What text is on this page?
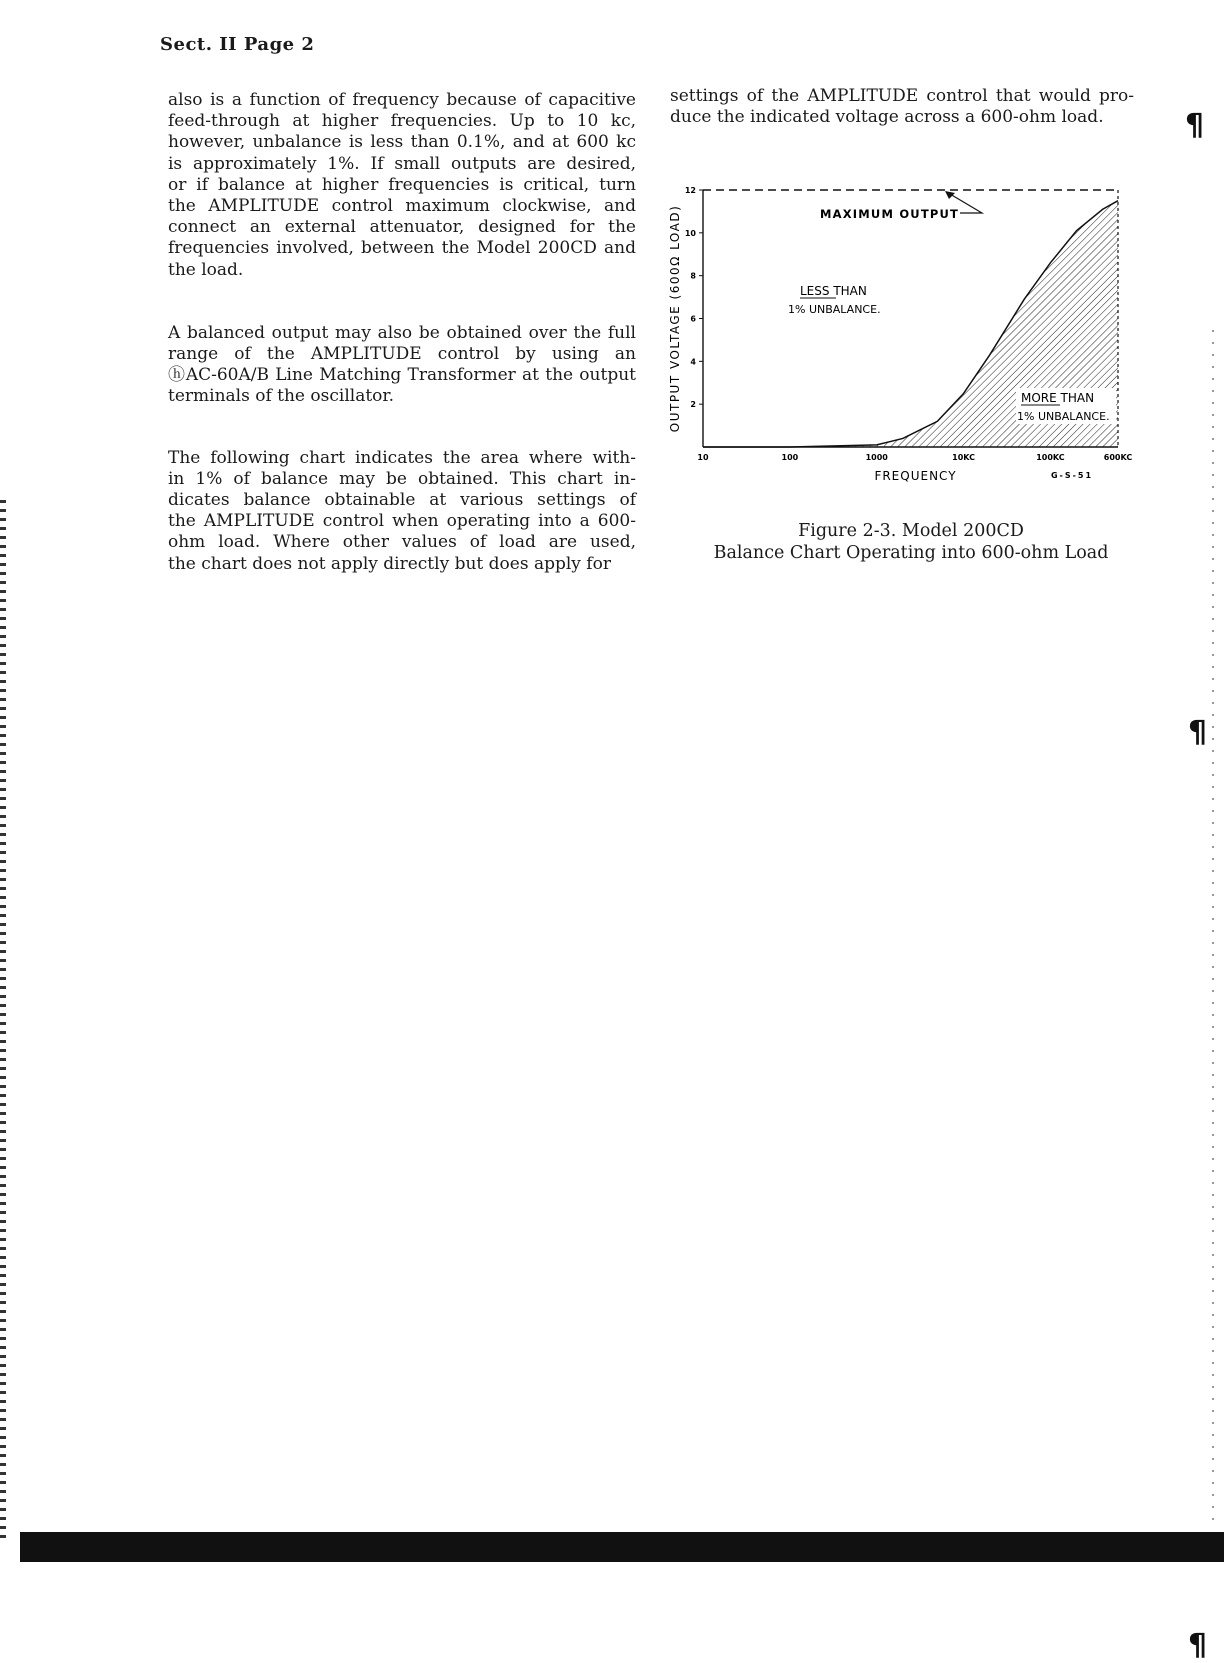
Sect. II Page 2

also is a function of frequency because of capacitive

feed-through at higher frequencies. Up to 10 kc,

however, unbalance is less than 0.1%, and at 600 kc

is approximately 1%. If small outputs are desired,

or if balance at higher frequencies is critical, turn

the AMPLITUDE control maximum clockwise, and

connect an external attenuator, designed for the

frequencies involved, between the Model 200CD and

the load.

A balanced output may also be obtained over the full

range of the AMPLITUDE control by using an

ⓗAC-60A/B Line Matching Transformer at the output

terminals of the oscillator.

The following chart indicates the area where with-

in 1% of balance may be obtained. This chart in-

dicates balance obtainable at various settings of

the AMPLITUDE control when operating into a 600-

ohm load. Where other values of load are used,

the chart does not apply directly but does apply for

settings of the AMPLITUDE control that would pro-

duce the indicated voltage across a 600-ohm load.

2
4
6
8
10
12
10	100	1000	10KC	100KC	600KC
FREQUENCY
OUTPUT VOLTAGE (600Ω LOAD)	MAXIMUM OUTPUT
LESS THAN
1% UNBALANCE.
MORE THAN
1% UNBALANCE.
G-S-51
Figure 2-3. Model 200CD
Balance Chart Operating into 600-ohm Load
¶
¶
¶
